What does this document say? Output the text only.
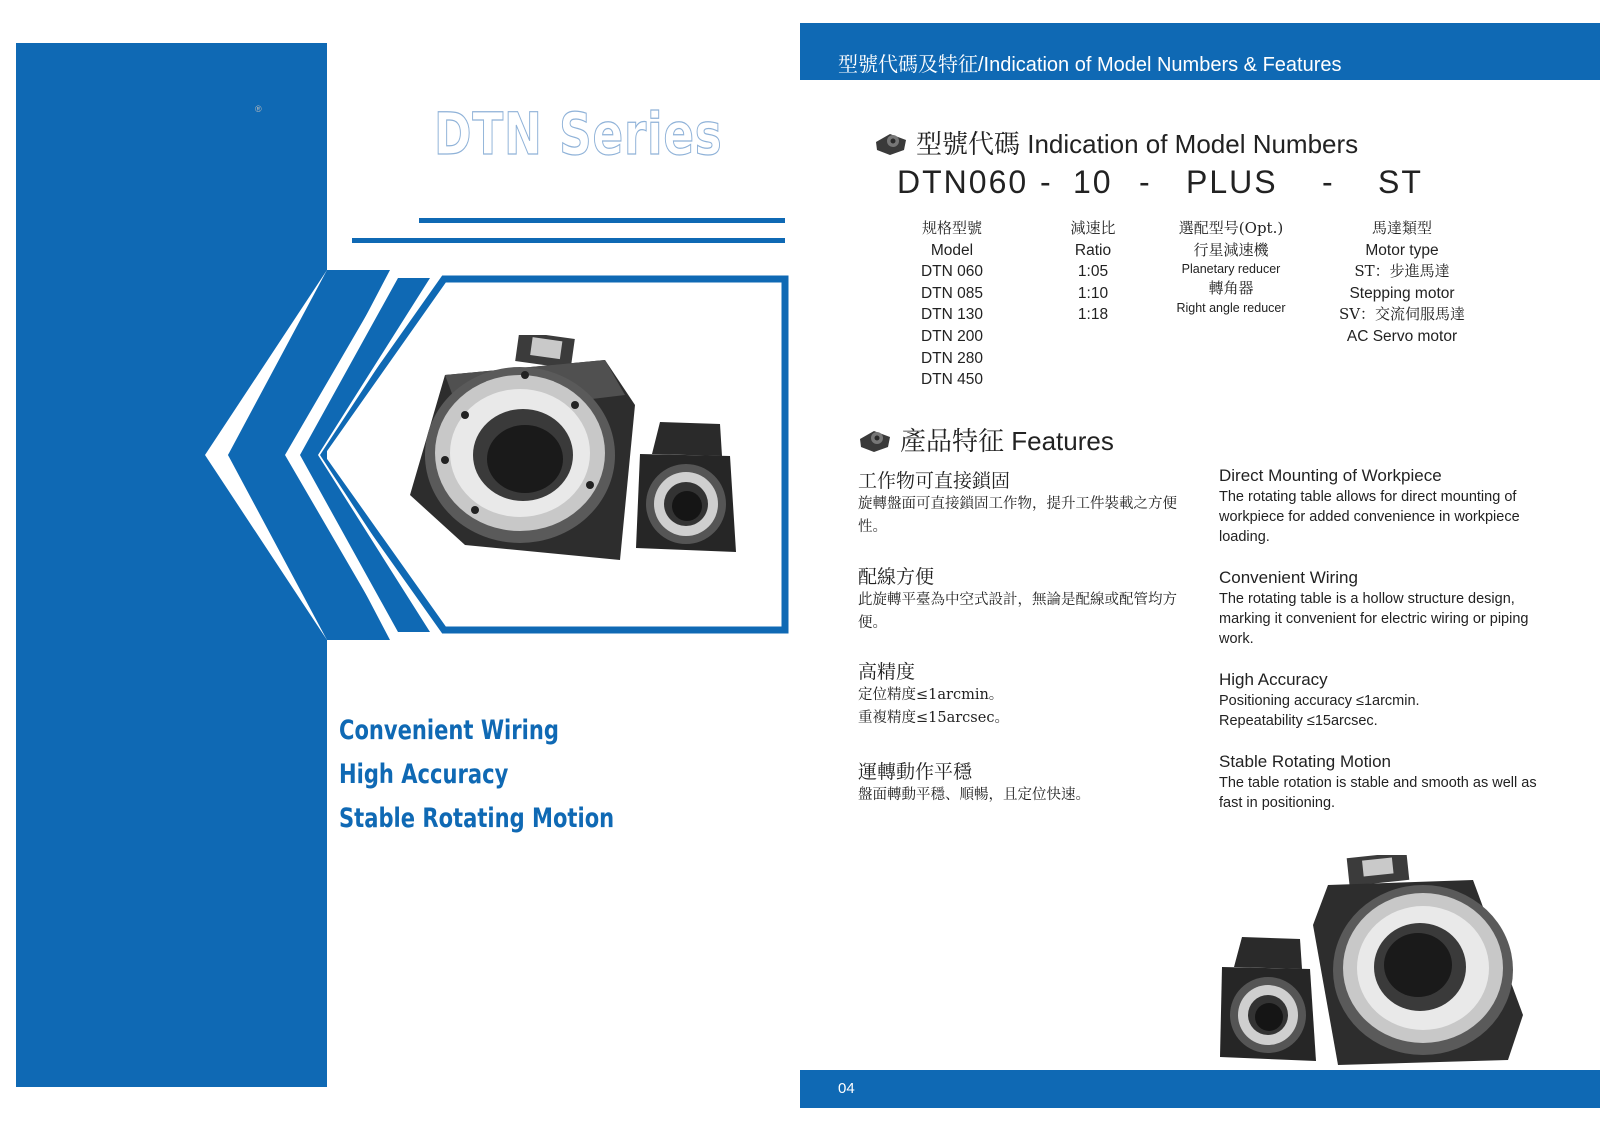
®	DTN Series
Convenient Wiring
High Accuracy
Stable Rotating Motion
型號代碼及特征/Indication of Model Numbers & Features
型號代碼 Indication of Model Numbers
DTN060 - 10 - PLUS - ST
规格型號
Model
DTN 060
DTN 085
DTN 130
DTN 200
DTN 280
DTN 450
減速比
Ratio
1:05
1:10
1:18
選配型号(Opt.)
行星減速機
Planetary reducer
轉角器
Right angle reducer
馬達類型
Motor type
ST：步進馬達
Stepping motor
SV：交流伺服馬達
AC Servo motor
產品特征 Features
工作物可直接鎖固
旋轉盤面可直接鎖固工作物，提升工件裝載之方便性。
Direct Mounting of Workpiece
The rotating table allows for direct mounting of workpiece for added convenience in workpiece loading.
配線方便
此旋轉平臺為中空式設計，無論是配線或配管均方便。
Convenient Wiring
The rotating table is a hollow structure design, marking it convenient for electric wiring or piping work.
高精度
定位精度≤1arcmin。
重複精度≤15arcsec。
High Accuracy
Positioning accuracy ≤1arcmin.
Repeatability ≤15arcsec.
運轉動作平穩
盤面轉動平穩、順暢，且定位快速。
Stable Rotating Motion
The table rotation is stable and smooth as well as fast in positioning.
04
